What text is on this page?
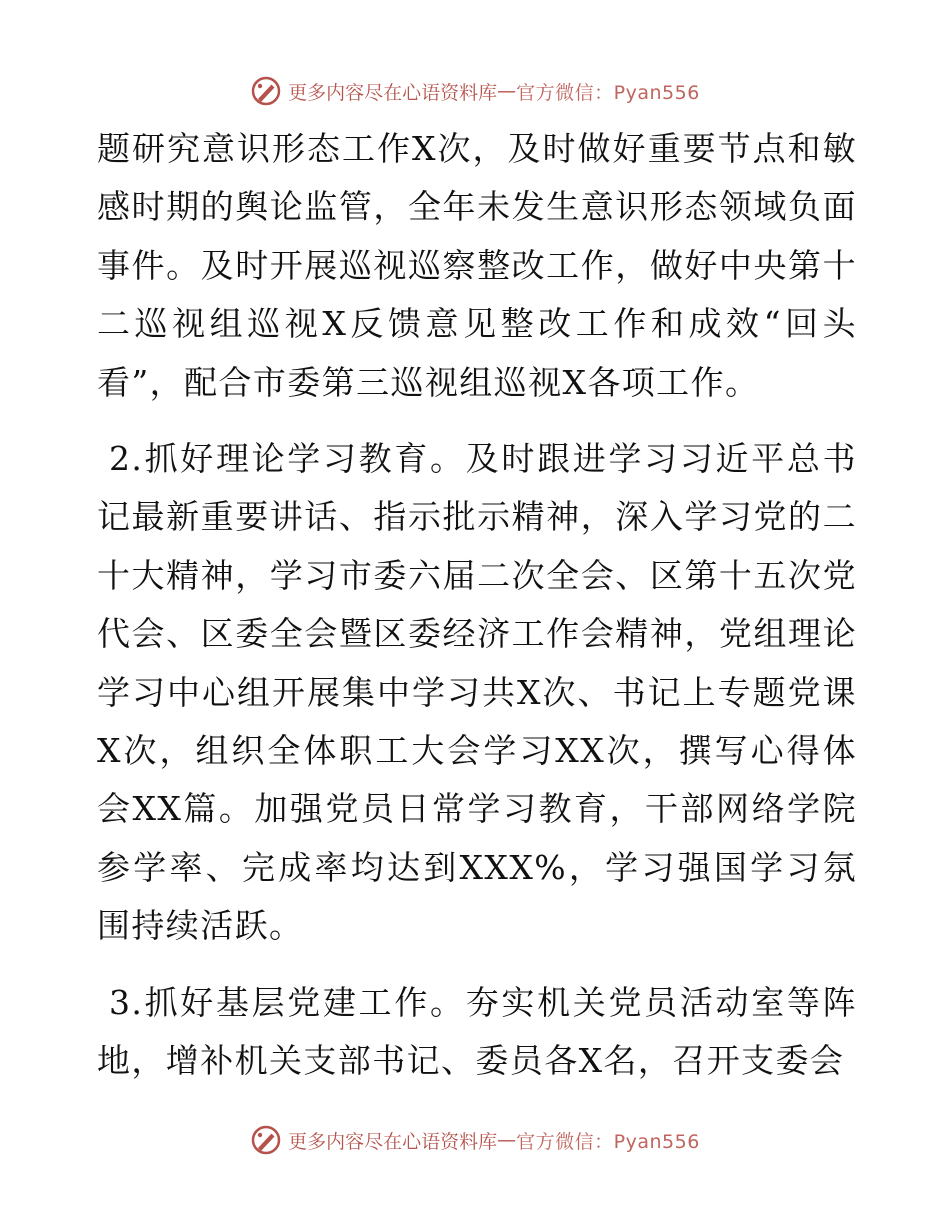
更多内容尽在心语资料库 — 官方微信：Pyan556

题研究意识形态工作X次，及时做好重要节点和敏感时期的舆论监管，全年未发生意识形态领域负面事件。及时开展巡视巡察整改工作，做好中央第十二巡视组巡视X反馈意见整改工作和成效“回头看”，配合市委第三巡视组巡视X各项工作。

2.抓好理论学习教育。及时跟进学习习近平总书记最新重要讲话、指示批示精神，深入学习党的二十大精神，学习市委六届二次全会、区第十五次党代会、区委全会暨区委经济工作会精神，党组理论学习中心组开展集中学习共X次、书记上专题党课X次，组织全体职工大会学习XX次，撰写心得体会XX篇。加强党员日常学习教育，干部网络学院参学率、完成率均达到XXX%，学习强国学习氛围持续活跃。

3.抓好基层党建工作。夯实机关党员活动室等阵地，增补机关支部书记、委员各X名，召开支委会

更多内容尽在心语资料库 — 官方微信：Pyan556
